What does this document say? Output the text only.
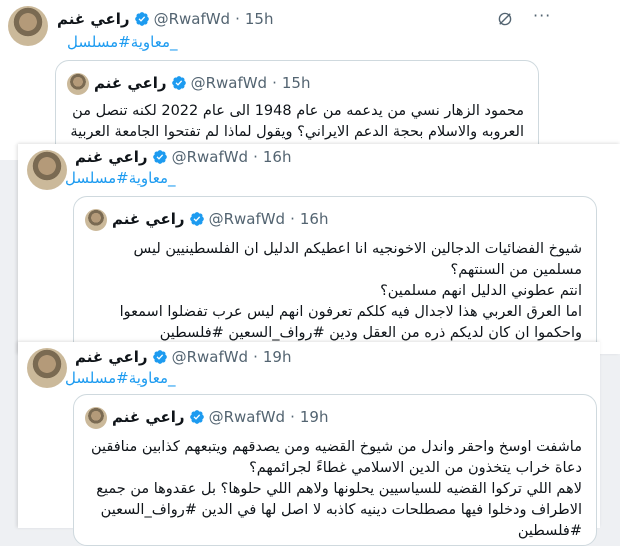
راعي غنم @RwafWd · 15h	···
معاوية#مسلسل_
راعي غنم @RwafWd · 15h
محمود الزهار نسي من يدعمه من عام 1948 الى عام 2022 لكنه تنصل من العروبه والاسلام بحجة الدعم الايراني؟ ويقول لماذا لم تفتحوا الجامعة العربية
راعي غنم @RwafWd · 16h
معاوية#مسلسل_
راعي غنم @RwafWd · 16h
شيوخ الفضائيات الدجالين الاخونجيه انا اعطيكم الدليل ان الفلسطينيين ليس مسلمين من السنتهم؟
انتم عطوني الدليل انهم مسلمين؟
اما العرق العربي هذا لاجدال فيه كلكم تعرفون انهم ليس عرب تفضلوا اسمعوا واحكموا ان كان لديكم ذره من العقل ودين #رواف_السعين #فلسطين
راعي غنم @RwafWd · 19h
معاوية#مسلسل_
راعي غنم @RwafWd · 19h
ماشفت اوسخ واحقر واندل من شيوخ القضيه ومن يصدقهم ويتبعهم كذابين منافقين دعاة خراب يتخذون من الدين الاسلامي غطاءً لجرائمهم؟
لاهم اللي تركوا القضيه للسياسيين يحلونها ولاهم اللي حلوها؟ بل عقدوها من جميع الاطراف ودخلوا فيها مصطلحات دينيه كاذبه لا اصل لها في الدين #رواف_السعين #فلسطين
